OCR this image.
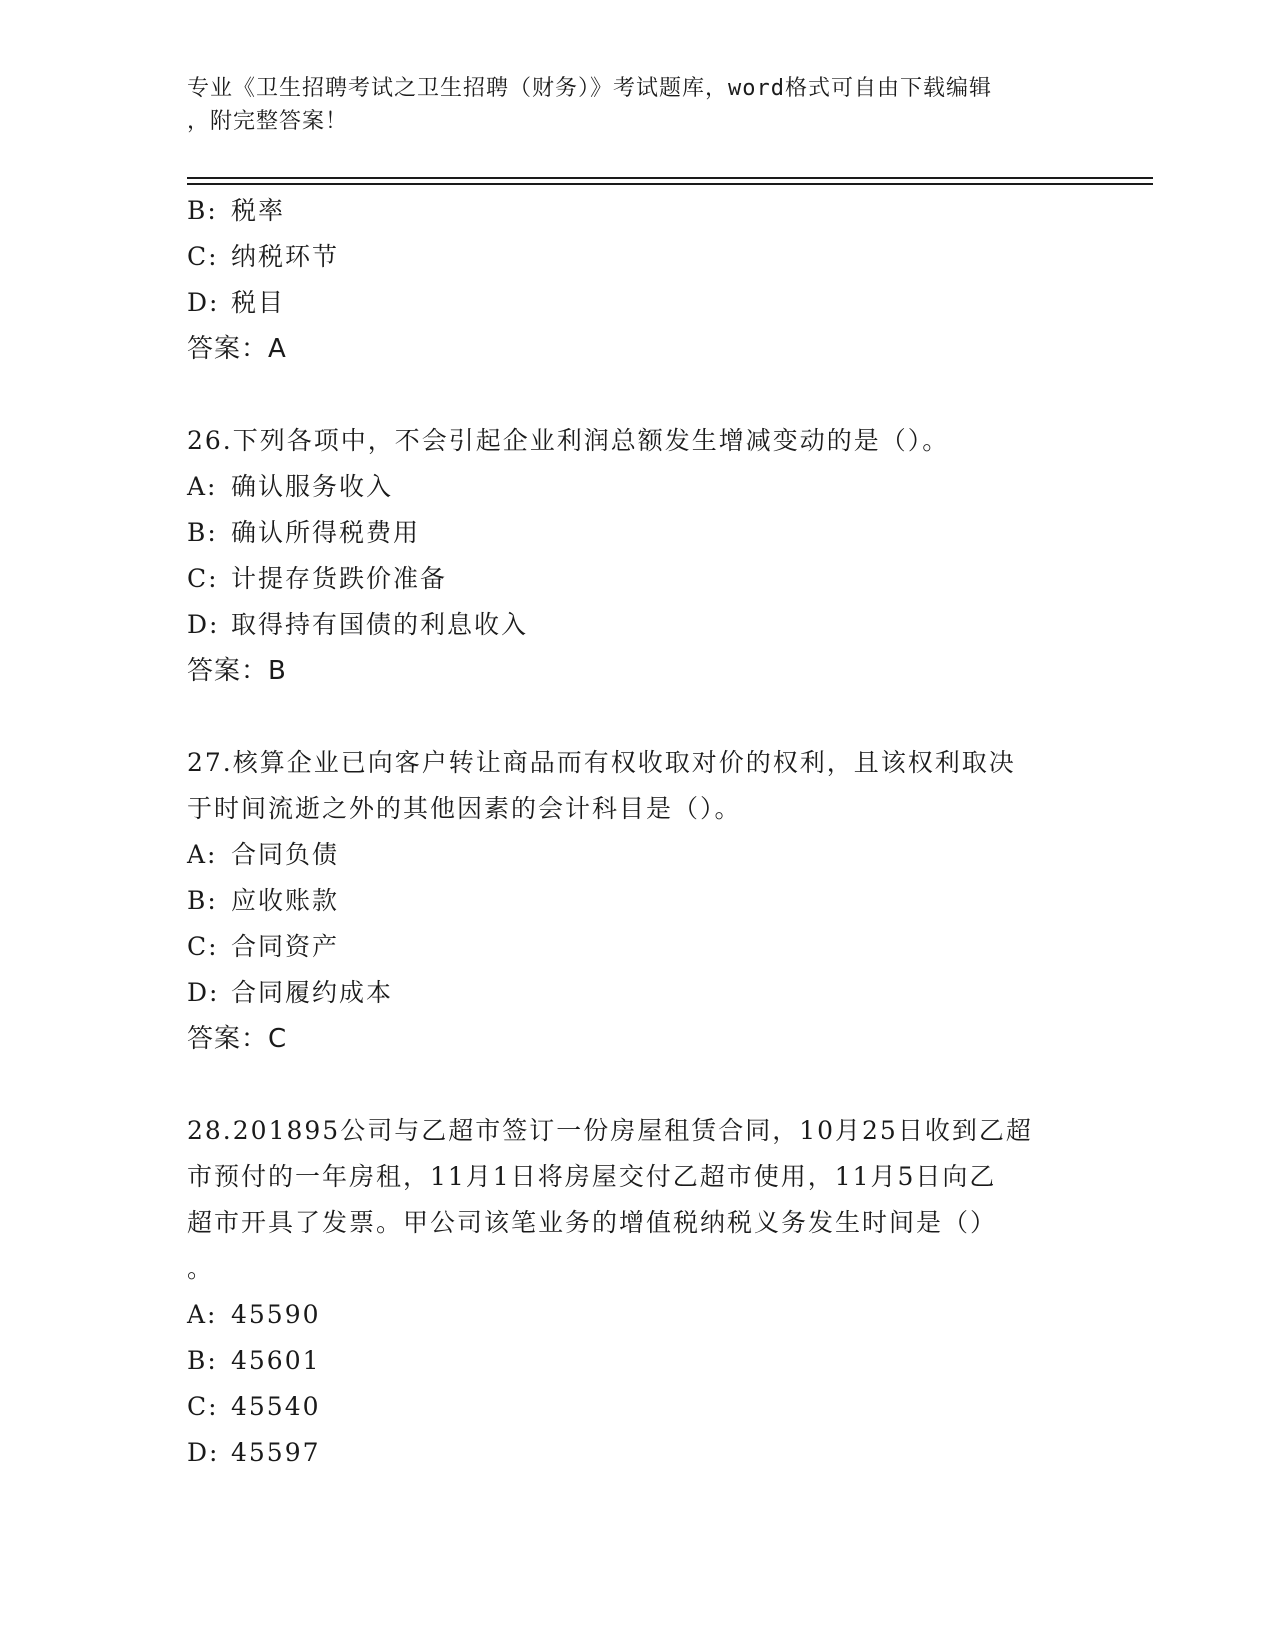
专业《卫生招聘考试之卫生招聘（财务）》考试题库，word格式可自由下载编辑
，附完整答案！
B: 税率
C: 纳税环节
D: 税目
答案：A
26.下列各项中，不会引起企业利润总额发生增减变动的是（）。
A: 确认服务收入
B: 确认所得税费用
C: 计提存货跌价准备
D: 取得持有国债的利息收入
答案：B
27.核算企业已向客户转让商品而有权收取对价的权利，且该权利取决
于时间流逝之外的其他因素的会计科目是（）。
A: 合同负债
B: 应收账款
C: 合同资产
D: 合同履约成本
答案：C
28.201895公司与乙超市签订一份房屋租赁合同，10月25日收到乙超
市预付的一年房租，11月1日将房屋交付乙超市使用，11月5日向乙
超市开具了发票。甲公司该笔业务的增值税纳税义务发生时间是（）
。
A: 45590
B: 45601
C: 45540
D: 45597
